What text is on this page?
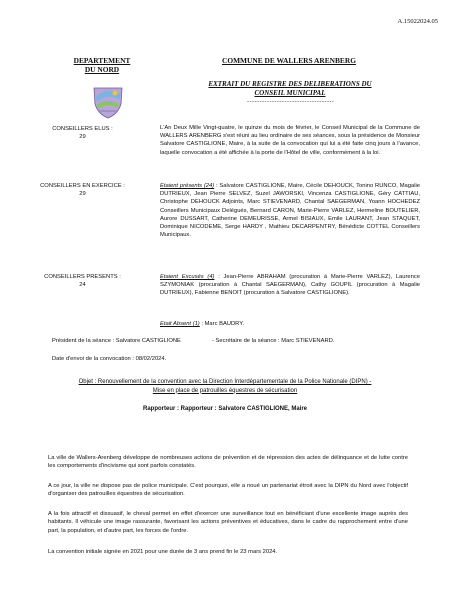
A.15022024.05
DEPARTEMENT
DU NORD
COMMUNE DE WALLERS ARENBERG
EXTRAIT DU REGISTRE DES DELIBERATIONS DU
CONSEIL MUNICIPAL
-----------------------------------
CONSEILLERS ELUS :
29
L'An Deux Mille Vingt-quatre, le quinze du mois de février, le Conseil Municipal de la Commune de WALLERS ARENBERG s'est réuni au lieu ordinaire de ses séances, sous la présidence de Monsieur Salvatore CASTIGLIONE, Maire, à la suite de la convocation qui lui a été faite cinq jours à l'avance, laquelle convocation a été affichée à la porte de l'Hôtel de ville, conformément à la loi.
CONSEILLERS EN EXERCICE :
29
Etaient présents (24) : Salvatore CASTIGLIONE, Maire, Cécile DEHOUCK, Tonino RUNCO, Magalie DUTRIEUX, Jean Pierre SELVEZ, Suzel JAWORSKI, Vincenza CASTIGLIONE, Géry CATTIAU, Christophe DEHOUCK Adjoints, Marc STIEVENARD, Chantal SAEGERMAN, Yoann HOCHEDEZ Conseillers Municipaux Delégués, Bernard CARON, Marie-Pierre VARLEZ, Hermeline BOUTELIER, Aurore DUSSART, Catherine DEMEURISSE, Armel BISIAUX, Emile LAURANT, Jean STAQUET, Dominique NICODEME, Serge HARDY , Mathieu DECARPENTRY, Bénédicte COTTEL Conseillers Municipaux.
CONSEILLERS PRESENTS :
24
Etaient Excusés (4) : Jean-Pierre ABRAHAM (procuration à Marie-Pierre VARLEZ), Laurence SZYMONIAK (procuration à Chantal SAEGERMAN), Cathy GOUPIL (procuration à Magalie DUTRIEUX), Fabienne BENOIT (procuration à Salvatore CASTIGLIONE).
Etait Absent (1) : Marc BAUDRY.
Président de la séance : Salvatore CASTIGLIONE	- Secrétaire de la séance : Marc STIEVENARD.
Date d'envoi de la convocation : 08/02/2024.
Objet : Renouvellement de la convention avec la Direction Interdépartementale de la Police Nationale (DIPN) -
Mise en place de patrouilles équestres de sécurisation
Rapporteur : Rapporteur : Salvatore CASTIGLIONE, Maire
La ville de Wallers-Arenberg développe de nombreuses actions de prévention et de répression des actes de délinquance et de lutte contre les comportements d'incivisme qui sont parfois constatés.
A ce jour, la ville ne dispose pas de police municipale. C'est pourquoi, elle a noué un partenariat étroit avec la DIPN du Nord avec l'objectif d'organiser des patrouilles équestres de sécurisation.
A la fois attractif et dissuasif, le cheval permet en effet d'exercer une surveillance tout en bénéficiant d'une excellente image auprès des habitants. Il véhicule une image rassurante, favorisant les actions préventives et éducatives, dans le cadre du rapprochement entre d'une part, la population, et d'autre part, les forces de l'ordre.
La convention initiale signée en 2021 pour une durée de 3 ans prend fin le 23 mars 2024.
